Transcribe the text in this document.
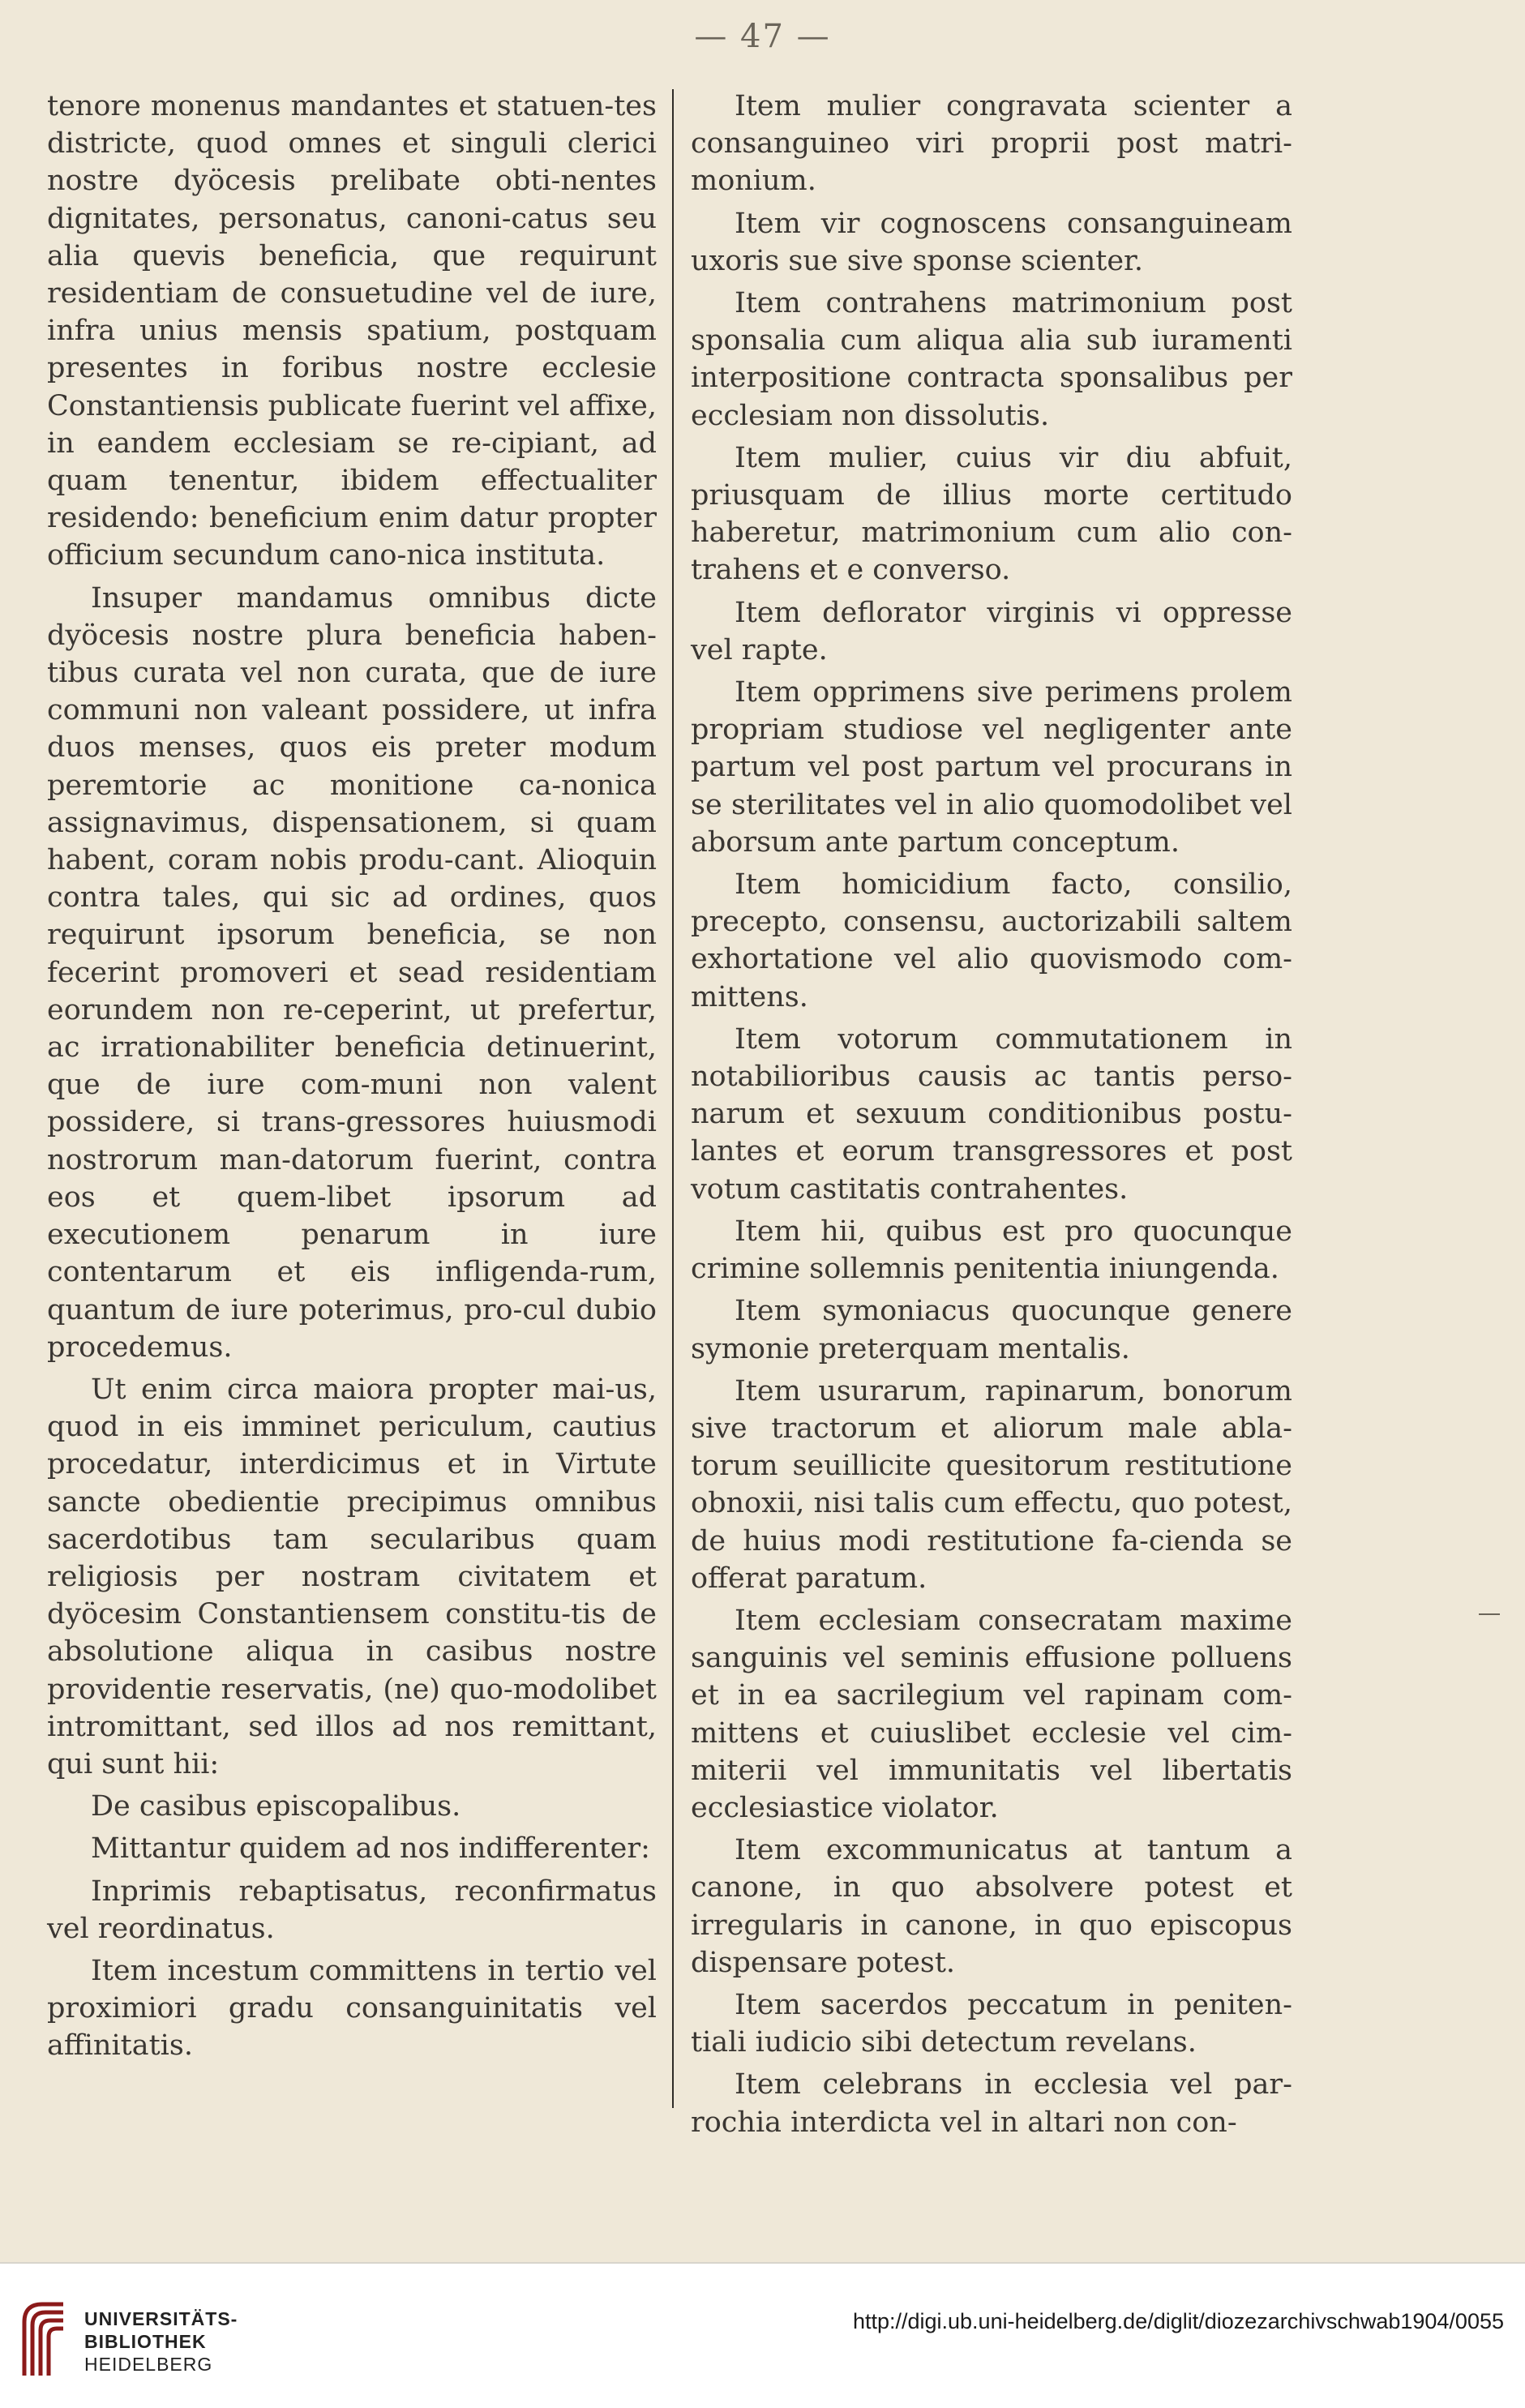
— 47 —

tenore monenus mandantes et statuen-tes districte, quod omnes et singuli clerici nostre dyöcesis prelibate obti-nentes dignitates, personatus, canoni-catus seu alia quevis beneficia, que requirunt residentiam de consuetudine vel de iure, infra unius mensis spatium, postquam presentes in foribus nostre ecclesie Constantiensis publicate fuerint vel affixe, in eandem ecclesiam se re-cipiant, ad quam tenentur, ibidem effectualiter residendo: beneficium enim datur propter officium secundum cano-nica instituta.

Insuper mandamus omnibus dicte dyöcesis nostre plura beneficia haben-tibus curata vel non curata, que de iure communi non valeant possidere, ut infra duos menses, quos eis preter modum peremtorie ac monitione ca-nonica assignavimus, dispensationem, si quam habent, coram nobis produ-cant. Alioquin contra tales, qui sic ad ordines, quos requirunt ipsorum beneficia, se non fecerint promoveri et sead residentiam eorundem non re-ceperint, ut prefertur, ac irrationabiliter beneficia detinuerint, que de iure com-muni non valent possidere, si trans-gressores huiusmodi nostrorum man-datorum fuerint, contra eos et quem-libet ipsorum ad executionem penarum in iure contentarum et eis infligenda-rum, quantum de iure poterimus, pro-cul dubio procedemus.

Ut enim circa maiora propter mai-us, quod in eis imminet periculum, cautius procedatur, interdicimus et in Virtute sancte obedientie precipimus omnibus sacerdotibus tam secularibus quam religiosis per nostram civitatem et dyöcesim Constantiensem constitu-tis de absolutione aliqua in casibus nostre providentie reservatis, (ne) quo-modolibet intromittant, sed illos ad nos remittant, qui sunt hii:

De casibus episcopalibus.

Mittantur quidem ad nos indifferenter:

Inprimis rebaptisatus, reconfirmatus vel reordinatus.

Item incestum committens in tertio vel proximiori gradu consanguinitatis vel affinitatis.

Item mulier congravata scienter a consanguineo viri proprii post matri-monium.

Item vir cognoscens consanguineam uxoris sue sive sponse scienter.

Item contrahens matrimonium post sponsalia cum aliqua alia sub iuramenti interpositione contracta sponsalibus per ecclesiam non dissolutis.

Item mulier, cuius vir diu abfuit, priusquam de illius morte certitudo haberetur, matrimonium cum alio con-trahens et e converso.

Item deflorator virginis vi oppresse vel rapte.

Item opprimens sive perimens prolem propriam studiose vel negligenter ante partum vel post partum vel procurans in se sterilitates vel in alio quomodolibet vel aborsum ante partum conceptum.

Item homicidium facto, consilio, precepto, consensu, auctorizabili saltem exhortatione vel alio quovismodo com-mittens.

Item votorum commutationem in notabilioribus causis ac tantis perso-narum et sexuum conditionibus postu-lantes et eorum transgressores et post votum castitatis contrahentes.

Item hii, quibus est pro quocunque crimine sollemnis penitentia iniungenda.

Item symoniacus quocunque genere symonie preterquam mentalis.

Item usurarum, rapinarum, bonorum sive tractorum et aliorum male abla-torum seuillicite quesitorum restitutione obnoxii, nisi talis cum effectu, quo potest, de huius modi restitutione fa-cienda se offerat paratum.

Item ecclesiam consecratam maxime sanguinis vel seminis effusione polluens et in ea sacrilegium vel rapinam com-mittens et cuiuslibet ecclesie vel cim-miterii vel immunitatis vel libertatis ecclesiastice violator.

Item excommunicatus at tantum a canone, in quo absolvere potest et irregularis in canone, in quo episcopus dispensare potest.

Item sacerdos peccatum in peniten-tiali iudicio sibi detectum revelans.

Item celebrans in ecclesia vel par-rochia interdicta vel in altari non con-

UNIVERSITÄTS-
BIBLIOTHEK
HEIDELBERG
http://digi.ub.uni-heidelberg.de/diglit/diozezarchivschwab1904/0055
